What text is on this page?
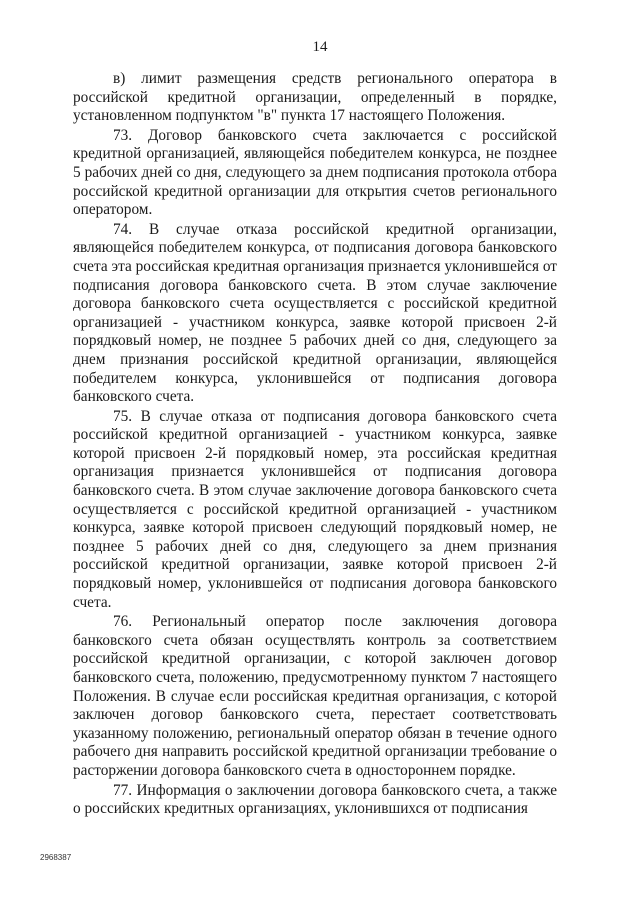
14

в) лимит размещения средств регионального оператора в российской кредитной организации, определенный в порядке, установленном подпунктом "в" пункта 17 настоящего Положения.

73. Договор банковского счета заключается с российской кредитной организацией, являющейся победителем конкурса, не позднее 5 рабочих дней со дня, следующего за днем подписания протокола отбора российской кредитной организации для открытия счетов регионального оператором.

74. В случае отказа российской кредитной организации, являющейся победителем конкурса, от подписания договора банковского счета эта российская кредитная организация признается уклонившейся от подписания договора банковского счета. В этом случае заключение договора банковского счета осуществляется с российской кредитной организацией - участником конкурса, заявке которой присвоен 2-й порядковый номер, не позднее 5 рабочих дней со дня, следующего за днем признания российской кредитной организации, являющейся победителем конкурса, уклонившейся от подписания договора банковского счета.

75. В случае отказа от подписания договора банковского счета российской кредитной организацией - участником конкурса, заявке которой присвоен 2-й порядковый номер, эта российская кредитная организация признается уклонившейся от подписания договора банковского счета. В этом случае заключение договора банковского счета осуществляется с российской кредитной организацией - участником конкурса, заявке которой присвоен следующий порядковый номер, не позднее 5 рабочих дней со дня, следующего за днем признания российской кредитной организации, заявке которой присвоен 2-й порядковый номер, уклонившейся от подписания договора банковского счета.

76. Региональный оператор после заключения договора банковского счета обязан осуществлять контроль за соответствием российской кредитной организации, с которой заключен договор банковского счета, положению, предусмотренному пунктом 7 настоящего Положения. В случае если российская кредитная организация, с которой заключен договор банковского счета, перестает соответствовать указанному положению, региональный оператор обязан в течение одного рабочего дня направить российской кредитной организации требование о расторжении договора банковского счета в одностороннем порядке.

77. Информация о заключении договора банковского счета, а также о российских кредитных организациях, уклонившихся от подписания

2968387
